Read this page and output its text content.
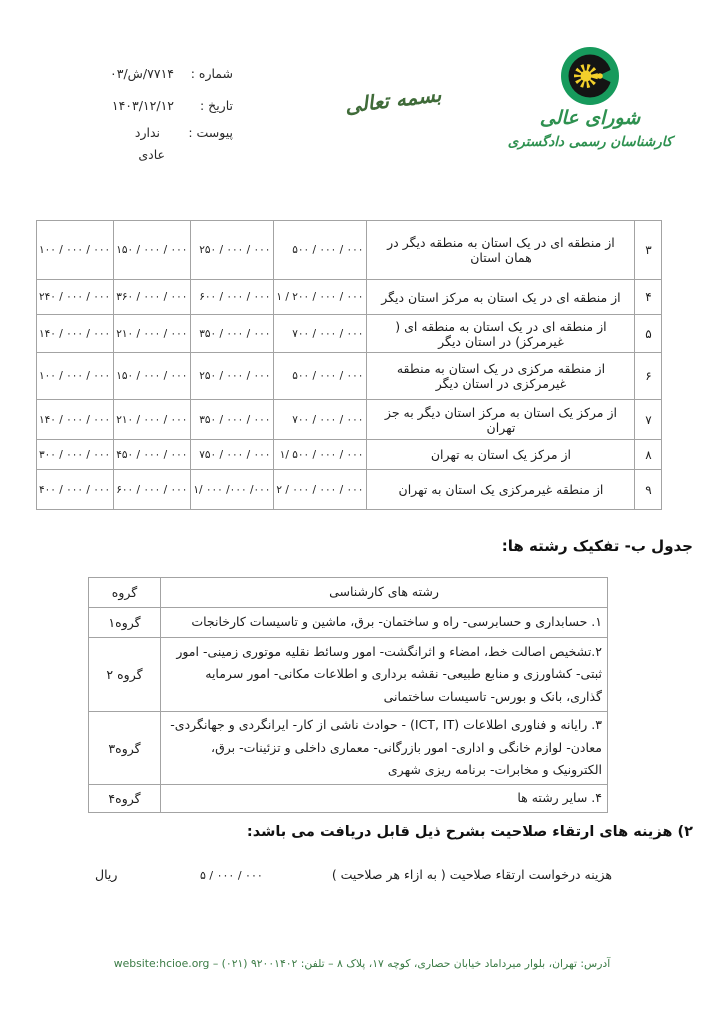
شماره :
۷۷۱۴/ش/۰۳
تاریخ :
۱۴۰۳/۱۲/۱۲
پیوست :
ندارد
عادی
بسمه تعالی
شورای عالی
کارشناسان رسمی دادگستری
۳	از منطقه ای در یک استان به منطقه دیگر در همان استان	۵۰۰ / ۰۰۰ / ۰۰۰	۲۵۰ / ۰۰۰ / ۰۰۰	۱۵۰ / ۰۰۰ / ۰۰۰	۱۰۰ / ۰۰۰ / ۰۰۰
۴	از منطقه ای در یک استان به مرکز استان دیگر	۱ / ۲۰۰ / ۰۰۰ / ۰۰۰	۶۰۰ / ۰۰۰ / ۰۰۰	۳۶۰ / ۰۰۰ / ۰۰۰	۲۴۰ / ۰۰۰ / ۰۰۰
۵	از منطقه ای در یک استان به منطقه ای ( غیرمرکز) در استان دیگر	۷۰۰ / ۰۰۰ / ۰۰۰	۳۵۰ / ۰۰۰ / ۰۰۰	۲۱۰ / ۰۰۰ / ۰۰۰	۱۴۰ / ۰۰۰ / ۰۰۰
۶	از منطقه مرکزی در یک استان به منطقه غیرمرکزی در استان دیگر	۵۰۰ / ۰۰۰ / ۰۰۰	۲۵۰ / ۰۰۰ / ۰۰۰	۱۵۰ / ۰۰۰ / ۰۰۰	۱۰۰ / ۰۰۰ / ۰۰۰
۷	از مرکز یک استان به مرکز استان دیگر به جز تهران	۷۰۰ / ۰۰۰ / ۰۰۰	۳۵۰ / ۰۰۰ / ۰۰۰	۲۱۰ / ۰۰۰ / ۰۰۰	۱۴۰ / ۰۰۰ / ۰۰۰
۸	از مرکز یک استان به تهران	۱/ ۵۰۰ / ۰۰۰ / ۰۰۰	۷۵۰ / ۰۰۰ / ۰۰۰	۴۵۰ / ۰۰۰ / ۰۰۰	۳۰۰ / ۰۰۰ / ۰۰۰
۹	از منطقه غیرمرکزی یک استان به تهران	۲ / ۰۰۰ / ۰۰۰ / ۰۰۰	۱/ ۰۰۰ /۰۰۰ /۰۰۰	۶۰۰ / ۰۰۰ / ۰۰۰	۴۰۰ / ۰۰۰ / ۰۰۰
جدول ب- تفکیک رشته ها:
رشته های کارشناسی	گروه
۱. حسابداری و حسابرسی- راه و ساختمان- برق، ماشین و تاسیسات کارخانجات	گروه۱
۲.تشخیص اصالت خط، امضاء و اثرانگشت- امور وسائط نقلیه موتوری زمینی- امور ثبتی- کشاورزی و منابع طبیعی- نقشه برداری و اطلاعات مکانی- امور سرمایه گذاری، بانک و بورس- تاسیسات ساختمانی	گروه ۲
۳. رایانه و فناوری اطلاعات (ICT, IT) - حوادث ناشی از کار- ایرانگردی و جهانگردی- معادن- لوازم خانگی و اداری- امور بازرگانی- معماری داخلی و تزئینات- برق، الکترونیک و مخابرات- برنامه ریزی شهری	گروه۳
۴. سایر رشته ها	گروه۴
۲) هزینه های ارتقاء صلاحیت بشرح ذیل قابل دریافت می باشد:
هزینه درخواست ارتقاء صلاحیت ( به ازاء هر صلاحیت )
۵ / ۰۰۰ / ۰۰۰
ریال
آدرس: تهران، بلوار میرداماد خیابان حصاری، کوچه ۱۷، پلاک ۸ – تلفن: ۹۲۰۰۱۴۰۲ (۰۲۱) – website:hcioe.org
